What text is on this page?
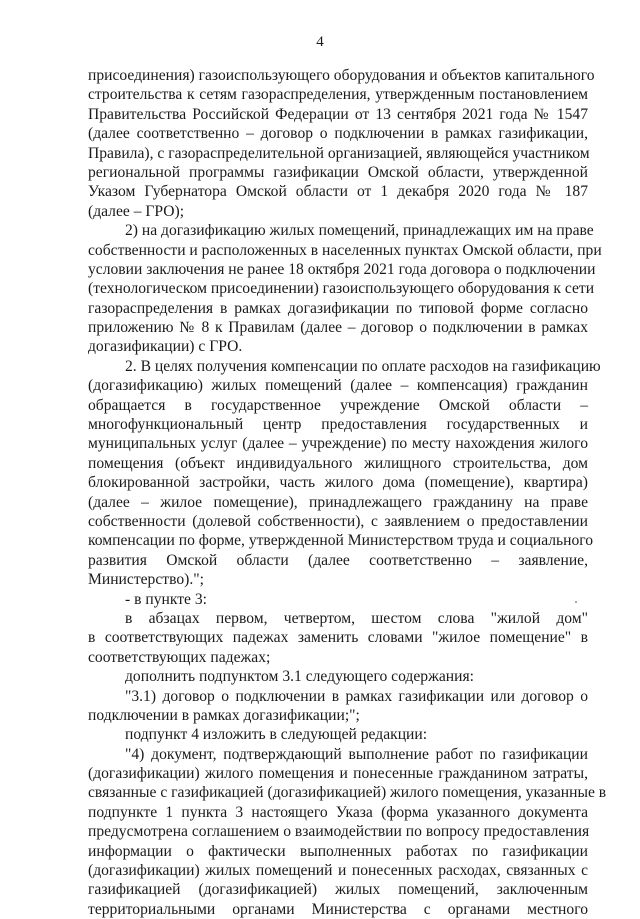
4
присоединения) газоиспользующего оборудования и объектов капитального
строительства к сетям газораспределения, утвержденным постановлением
Правительства Российской Федерации от 13 сентября 2021 года № 1547
(далее соответственно – договор о подключении в рамках газификации,
Правила), с газораспределительной организацией, являющейся участником
региональной программы газификации Омской области, утвержденной
Указом Губернатора Омской области от 1 декабря 2020 года № 187
(далее – ГРО);
2) на догазификацию жилых помещений, принадлежащих им на праве
собственности и расположенных в населенных пунктах Омской области, при
условии заключения не ранее 18 октября 2021 года договора о подключении
(технологическом присоединении) газоиспользующего оборудования к сети
газораспределения в рамках догазификации по типовой форме согласно
приложению № 8 к Правилам (далее – договор о подключении в рамках
догазификации) с ГРО.
2. В целях получения компенсации по оплате расходов на газификацию
(догазификацию) жилых помещений (далее – компенсация) гражданин
обращается в государственное учреждение Омской области –
многофункциональный центр предоставления государственных и
муниципальных услуг (далее – учреждение) по месту нахождения жилого
помещения (объект индивидуального жилищного строительства, дом
блокированной застройки, часть жилого дома (помещение), квартира)
(далее – жилое помещение), принадлежащего гражданину на праве
собственности (долевой собственности), с заявлением о предоставлении
компенсации по форме, утвержденной Министерством труда и социального
развития Омской области (далее соответственно – заявление,
Министерство).";
- в пункте 3:
в абзацах первом, четвертом, шестом слова "жилой дом"
в соответствующих падежах заменить словами "жилое помещение" в
соответствующих падежах;
дополнить подпунктом 3.1 следующего содержания:
"3.1) договор о подключении в рамках газификации или договор о
подключении в рамках догазификации;";
подпункт 4 изложить в следующей редакции:
"4) документ, подтверждающий выполнение работ по газификации
(догазификации) жилого помещения и понесенные гражданином затраты,
связанные с газификацией (догазификацией) жилого помещения, указанные в
подпункте 1 пункта 3 настоящего Указа (форма указанного документа
предусмотрена соглашением о взаимодействии по вопросу предоставления
информации о фактически выполненных работах по газификации
(догазификации) жилых помещений и понесенных расходах, связанных с
газификацией (догазификацией) жилых помещений, заключенным
территориальными органами Министерства с органами местного
